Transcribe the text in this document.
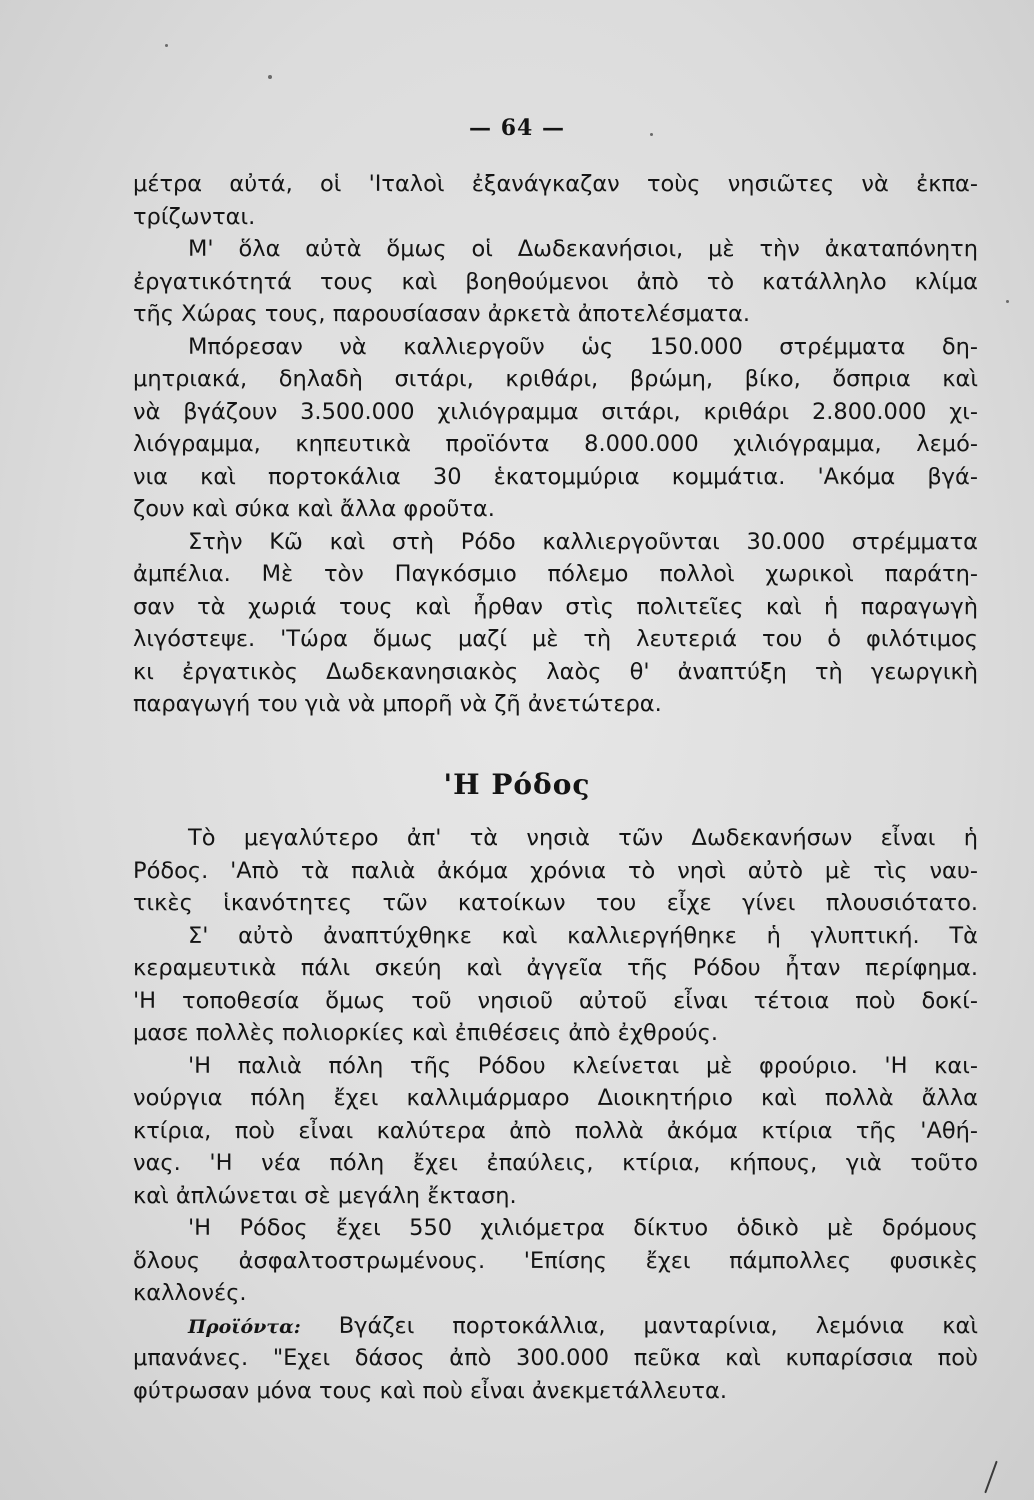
— 64 —
μέτρα αὐτά, οἱ 'Ιταλοὶ ἐξανάγκαζαν τοὺς νησιῶτες νὰ ἐκπα-
τρίζωνται.
Μ' ὅλα αὐτὰ ὅμως οἱ Δωδεκανήσιοι, μὲ τὴν ἀκαταπόνητη
ἐργατικότητά τους καὶ βοηθούμενοι ἀπὸ τὸ κατάλληλο κλίμα
τῆς Χώρας τους, παρουσίασαν ἀρκετὰ ἀποτελέσματα.
Μπόρεσαν νὰ καλλιεργοῦν ὡς 150.000 στρέμματα δη-
μητριακά, δηλαδὴ σιτάρι, κριθάρι, βρώμη, βίκο, ὄσπρια καὶ
νὰ βγάζουν 3.500.000 χιλιόγραμμα σιτάρι, κριθάρι 2.800.000 χι-
λιόγραμμα, κηπευτικὰ προϊόντα 8.000.000 χιλιόγραμμα, λεμό-
νια καὶ πορτοκάλια 30 ἑκατομμύρια κομμάτια. 'Ακόμα βγά-
ζουν καὶ σύκα καὶ ἄλλα φροῦτα.
Στὴν Κῶ καὶ στὴ Ρόδο καλλιεργοῦνται 30.000 στρέμματα
ἀμπέλια. Μὲ τὸν Παγκόσμιο πόλεμο πολλοὶ χωρικοὶ παράτη-
σαν τὰ χωριά τους καὶ ἦρθαν στὶς πολιτεῖες καὶ ἡ παραγωγὴ
λιγόστεψε. 'Τώρα ὅμως μαζί μὲ τὴ λευτεριά του ὁ φιλότιμος
κι ἐργατικὸς Δωδεκανησιακὸς λαὸς θ' ἀναπτύξη τὴ γεωργικὴ
παραγωγή του γιὰ νὰ μπορῆ νὰ ζῆ ἀνετώτερα.
'Η Ρόδος
Τὸ μεγαλύτερο ἀπ' τὰ νησιὰ τῶν Δωδεκανήσων εἶναι ἡ
Ρόδος. 'Απὸ τὰ παλιὰ ἀκόμα χρόνια τὸ νησὶ αὐτὸ μὲ τὶς ναυ-
τικὲς ἱκανότητες τῶν κατοίκων του εἶχε γίνει πλουσιότατο.
Σ' αὐτὸ ἀναπτύχθηκε καὶ καλλιεργήθηκε ἡ γλυπτική. Τὰ
κεραμευτικὰ πάλι σκεύη καὶ ἀγγεῖα τῆς Ρόδου ἦταν περίφημα.
'Η τοποθεσία ὅμως τοῦ νησιοῦ αὐτοῦ εἶναι τέτοια ποὺ δοκί-
μασε πολλὲς πολιορκίες καὶ ἐπιθέσεις ἀπὸ ἐχθρούς.
'Η παλιὰ πόλη τῆς Ρόδου κλείνεται μὲ φρούριο. 'Η και-
νούργια πόλη ἔχει καλλιμάρμαρο Διοικητήριο καὶ πολλὰ ἄλλα
κτίρια, ποὺ εἶναι καλύτερα ἀπὸ πολλὰ ἀκόμα κτίρια τῆς 'Αθή-
νας. 'Η νέα πόλη ἔχει ἐπαύλεις, κτίρια, κήπους, γιὰ τοῦτο
καὶ ἀπλώνεται σὲ μεγάλη ἔκταση.
'Η Ρόδος ἔχει 550 χιλιόμετρα δίκτυο ὁδικὸ μὲ δρόμους
ὅλους ἀσφαλτοστρωμένους. 'Επίσης ἔχει πάμπολλες φυσικὲς
καλλονές.
Προϊόντα: Βγάζει πορτοκάλλια, μανταρίνια, λεμόνια καὶ
μπανάνες. "Εχει δάσος ἀπὸ 300.000 πεῦκα καὶ κυπαρίσσια ποὺ
φύτρωσαν μόνα τους καὶ ποὺ εἶναι ἀνεκμετάλλευτα.
